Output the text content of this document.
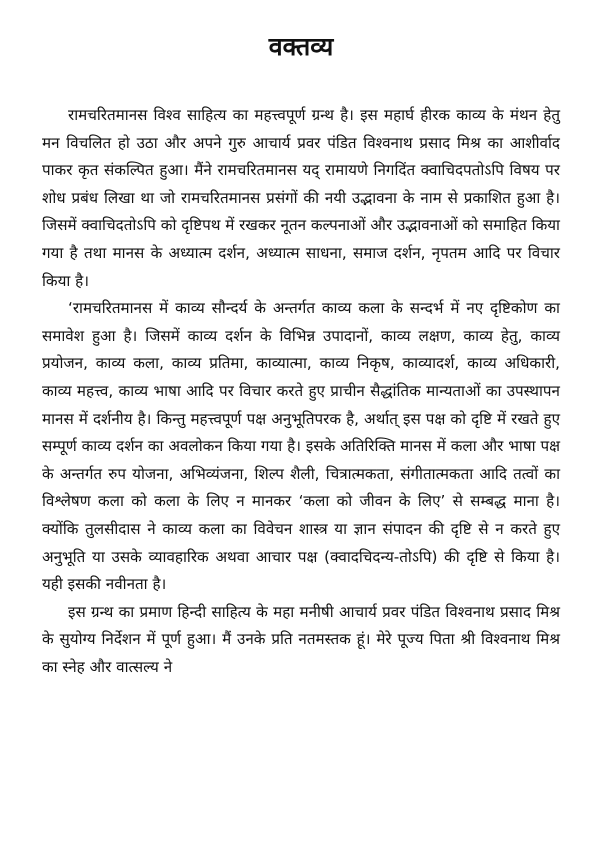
वक्तव्य

रामचरितमानस विश्व साहित्य का महत्त्वपूर्ण ग्रन्थ है। इस महार्घ हीरक काव्य के मंथन हेतु मन विचलित हो उठा और अपने गुरु आचार्य प्रवर पंडित विश्वनाथ प्रसाद मिश्र का आशीर्वाद पाकर कृत संकल्पित हुआ। मैंने रामचरितमानस यद् रामायणे निगदिंत क्वाचिदपतोऽपि विषय पर शोध प्रबंध लिखा था जो रामचरितमानस प्रसंगों की नयी उद्भावना के नाम से प्रकाशित हुआ है। जिसमें क्वाचिदतोऽपि को दृष्टिपथ में रखकर नूतन कल्पनाओं और उद्भावनाओं को समाहित किया गया है तथा मानस के अध्यात्म दर्शन, अध्यात्म साधना, समाज दर्शन, नृपतम आदि पर विचार किया है।

‘रामचरितमानस में काव्य सौन्दर्य के अन्तर्गत काव्य कला के सन्दर्भ में नए दृष्टिकोण का समावेश हुआ है। जिसमें काव्य दर्शन के विभिन्न उपादानों, काव्य लक्षण, काव्य हेतु, काव्य प्रयोजन, काव्य कला, काव्य प्रतिमा, काव्यात्मा, काव्य निकृष, काव्यादर्श, काव्य अधिकारी, काव्य महत्त्व, काव्य भाषा आदि पर विचार करते हुए प्राचीन सैद्धांतिक मान्यताओं का उपस्थापन मानस में दर्शनीय है। किन्तु महत्त्वपूर्ण पक्ष अनुभूतिपरक है, अर्थात् इस पक्ष को दृष्टि में रखते हुए सम्पूर्ण काव्य दर्शन का अवलोकन किया गया है। इसके अतिरिक्ति मानस में कला और भाषा पक्ष के अन्तर्गत रुप योजना, अभिव्यंजना, शिल्प शैली, चित्रात्मकता, संगीतात्मकता आदि तत्वों का विश्लेषण कला को कला के लिए न मानकर ‘कला को जीवन के लिए’ से सम्बद्ध माना है। क्योंकि तुलसीदास ने काव्य कला का विवेचन शास्त्र या ज्ञान संपादन की दृष्टि से न करते हुए अनुभूति या उसके व्यावहारिक अथवा आचार पक्ष (क्वादचिदन्य-तोऽपि) की दृष्टि से किया है। यही इसकी नवीनता है।

इस ग्रन्थ का प्रमाण हिन्दी साहित्य के महा मनीषी आचार्य प्रवर पंडित विश्वनाथ प्रसाद मिश्र के सुयोग्य निर्देशन में पूर्ण हुआ। मैं उनके प्रति नतमस्तक हूं। मेरे पूज्य पिता श्री विश्वनाथ मिश्र का स्नेह और वात्सल्य ने
